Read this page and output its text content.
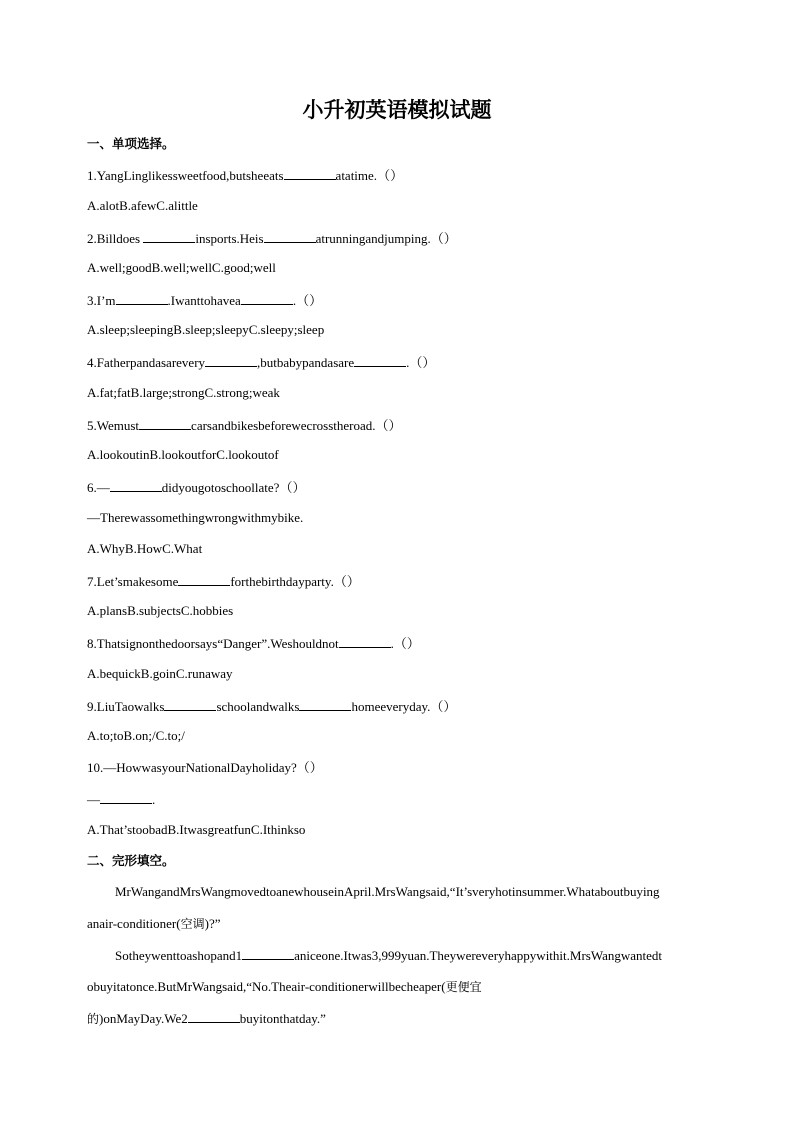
小升初英语模拟试题
一、单项选择。
1.YangLinglikessweetfood,butsheeats	atatime.（）
A.alotB.afewC.alittle
2.Billdoes	insports.Heis	atrunningandjumping.（）
A.well;goodB.well;wellC.good;well
3.I’m	.Iwanttohavea	.（）
A.sleep;sleepingB.sleep;sleepyC.sleepy;sleep
4.Fatherpandasarevery	,butbabypandasare	.（）
A.fat;fatB.large;strongC.strong;weak
5.Wemust	carsandbikesbeforewecrosstheroad.（）
A.lookoutinB.lookoutforC.lookoutof
6.—	didyougotoschoollate?（）
—Therewassomethingwrongwithmybike.
A.WhyB.HowC.What
7.Let’smakesome	forthebirthdayparty.（）
A.plansB.subjectsC.hobbies
8.Thatsignonthedoorsays“Danger”.Weshouldnot	.（）
A.bequickB.goinC.runaway
9.LiuTaowalks	schoolandwalks	homeeveryday.（）
A.to;toB.on;/C.to;/
10.—HowwasyourNationalDayholiday?（）
—	.
A.That’stoobadB.ItwasgreatfunC.Ithinkso
二、完形填空。
MrWangandMrsWangmovedtoanewhouseinApril.MrsWangsaid,“It’sveryhotinsummer.Whataboutbuying
anair-conditioner(空调)?”
Sotheywenttoashopand1	aniceone.Itwas3,999yuan.Theywereveryhappywithit.MrsWangwantedt
obuyitatonce.ButMrWangsaid,“No.Theair-conditionerwillbecheaper(更便宜
的)onMayDay.We2	buyitonthatday.”
